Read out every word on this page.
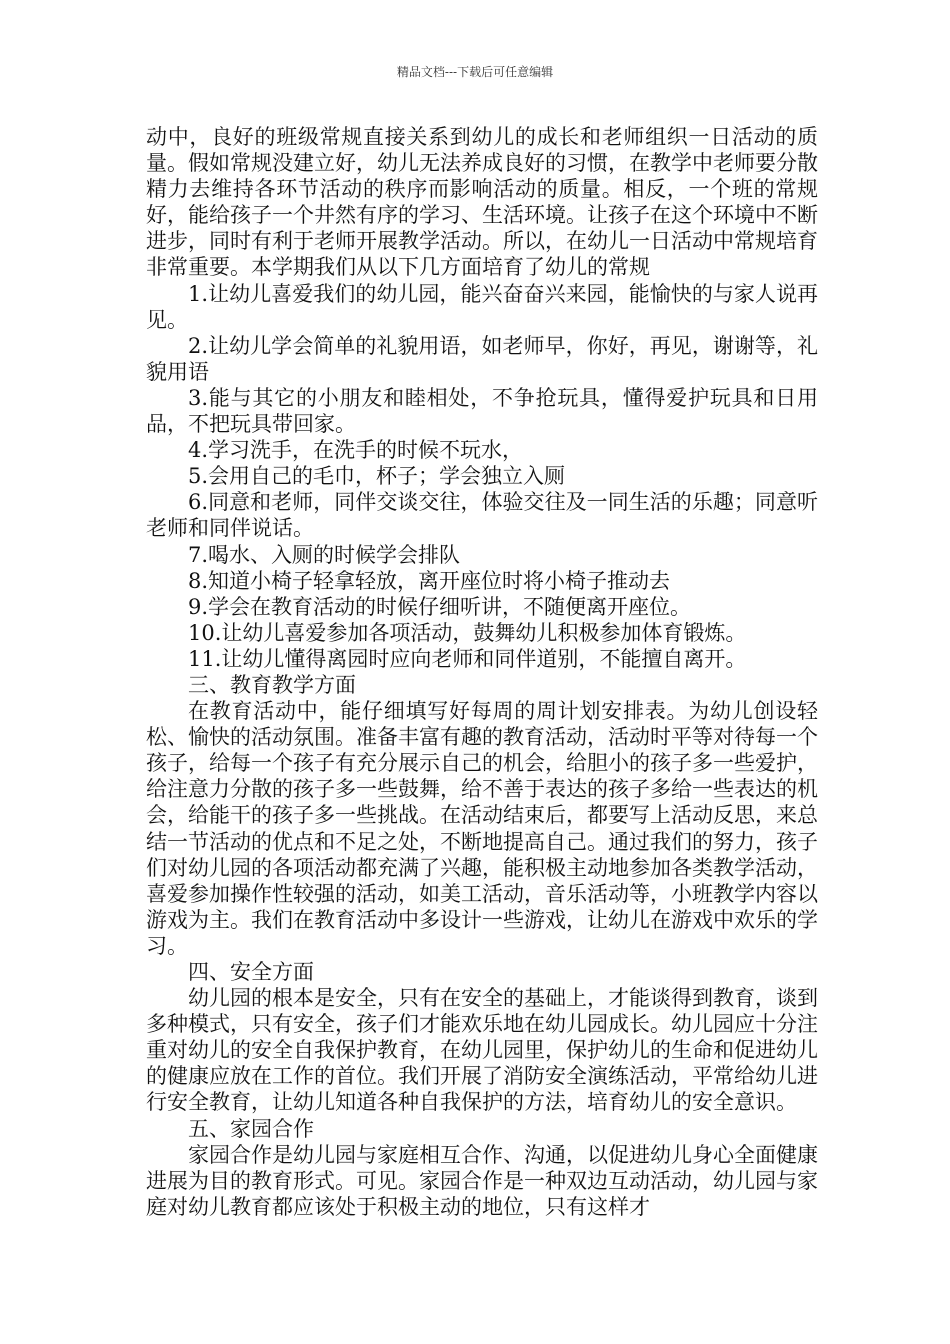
精品文档---下载后可任意编辑

动中，良好的班级常规直接关系到幼儿的成长和老师组织一日活动的质量。假如常规没建立好，幼儿无法养成良好的习惯，在教学中老师要分散精力去维持各环节活动的秩序而影响活动的质量。相反，一个班的常规好，能给孩子一个井然有序的学习、生活环境。让孩子在这个环境中不断进步，同时有利于老师开展教学活动。所以，在幼儿一日活动中常规培育非常重要。本学期我们从以下几方面培育了幼儿的常规

1.让幼儿喜爱我们的幼儿园，能兴奋奋兴来园，能愉快的与家人说再见。

2.让幼儿学会简单的礼貌用语，如老师早，你好，再见，谢谢等，礼貌用语

3.能与其它的小朋友和睦相处，不争抢玩具，懂得爱护玩具和日用品，不把玩具带回家。

4.学习洗手，在洗手的时候不玩水，

5.会用自己的毛巾，杯子；学会独立入厕

6.同意和老师，同伴交谈交往，体验交往及一同生活的乐趣；同意听老师和同伴说话。

7.喝水、入厕的时候学会排队

8.知道小椅子轻拿轻放，离开座位时将小椅子推动去

9.学会在教育活动的时候仔细听讲，不随便离开座位。

10.让幼儿喜爱参加各项活动，鼓舞幼儿积极参加体育锻炼。

11.让幼儿懂得离园时应向老师和同伴道别，不能擅自离开。

三、教育教学方面

在教育活动中，能仔细填写好每周的周计划安排表。为幼儿创设轻松、愉快的活动氛围。准备丰富有趣的教育活动，活动时平等对待每一个孩子，给每一个孩子有充分展示自己的机会，给胆小的孩子多一些爱护，给注意力分散的孩子多一些鼓舞，给不善于表达的孩子多给一些表达的机会，给能干的孩子多一些挑战。在活动结束后，都要写上活动反思，来总结一节活动的优点和不足之处，不断地提高自己。通过我们的努力，孩子们对幼儿园的各项活动都充满了兴趣，能积极主动地参加各类教学活动，喜爱参加操作性较强的活动，如美工活动，音乐活动等，小班教学内容以游戏为主。我们在教育活动中多设计一些游戏，让幼儿在游戏中欢乐的学习。

四、安全方面

幼儿园的根本是安全，只有在安全的基础上，才能谈得到教育，谈到多种模式，只有安全，孩子们才能欢乐地在幼儿园成长。幼儿园应十分注重对幼儿的安全自我保护教育，在幼儿园里，保护幼儿的生命和促进幼儿的健康应放在工作的首位。我们开展了消防安全演练活动，平常给幼儿进行安全教育，让幼儿知道各种自我保护的方法，培育幼儿的安全意识。

五、家园合作

家园合作是幼儿园与家庭相互合作、沟通，以促进幼儿身心全面健康进展为目的教育形式。可见。家园合作是一种双边互动活动，幼儿园与家庭对幼儿教育都应该处于积极主动的地位，只有这样才
